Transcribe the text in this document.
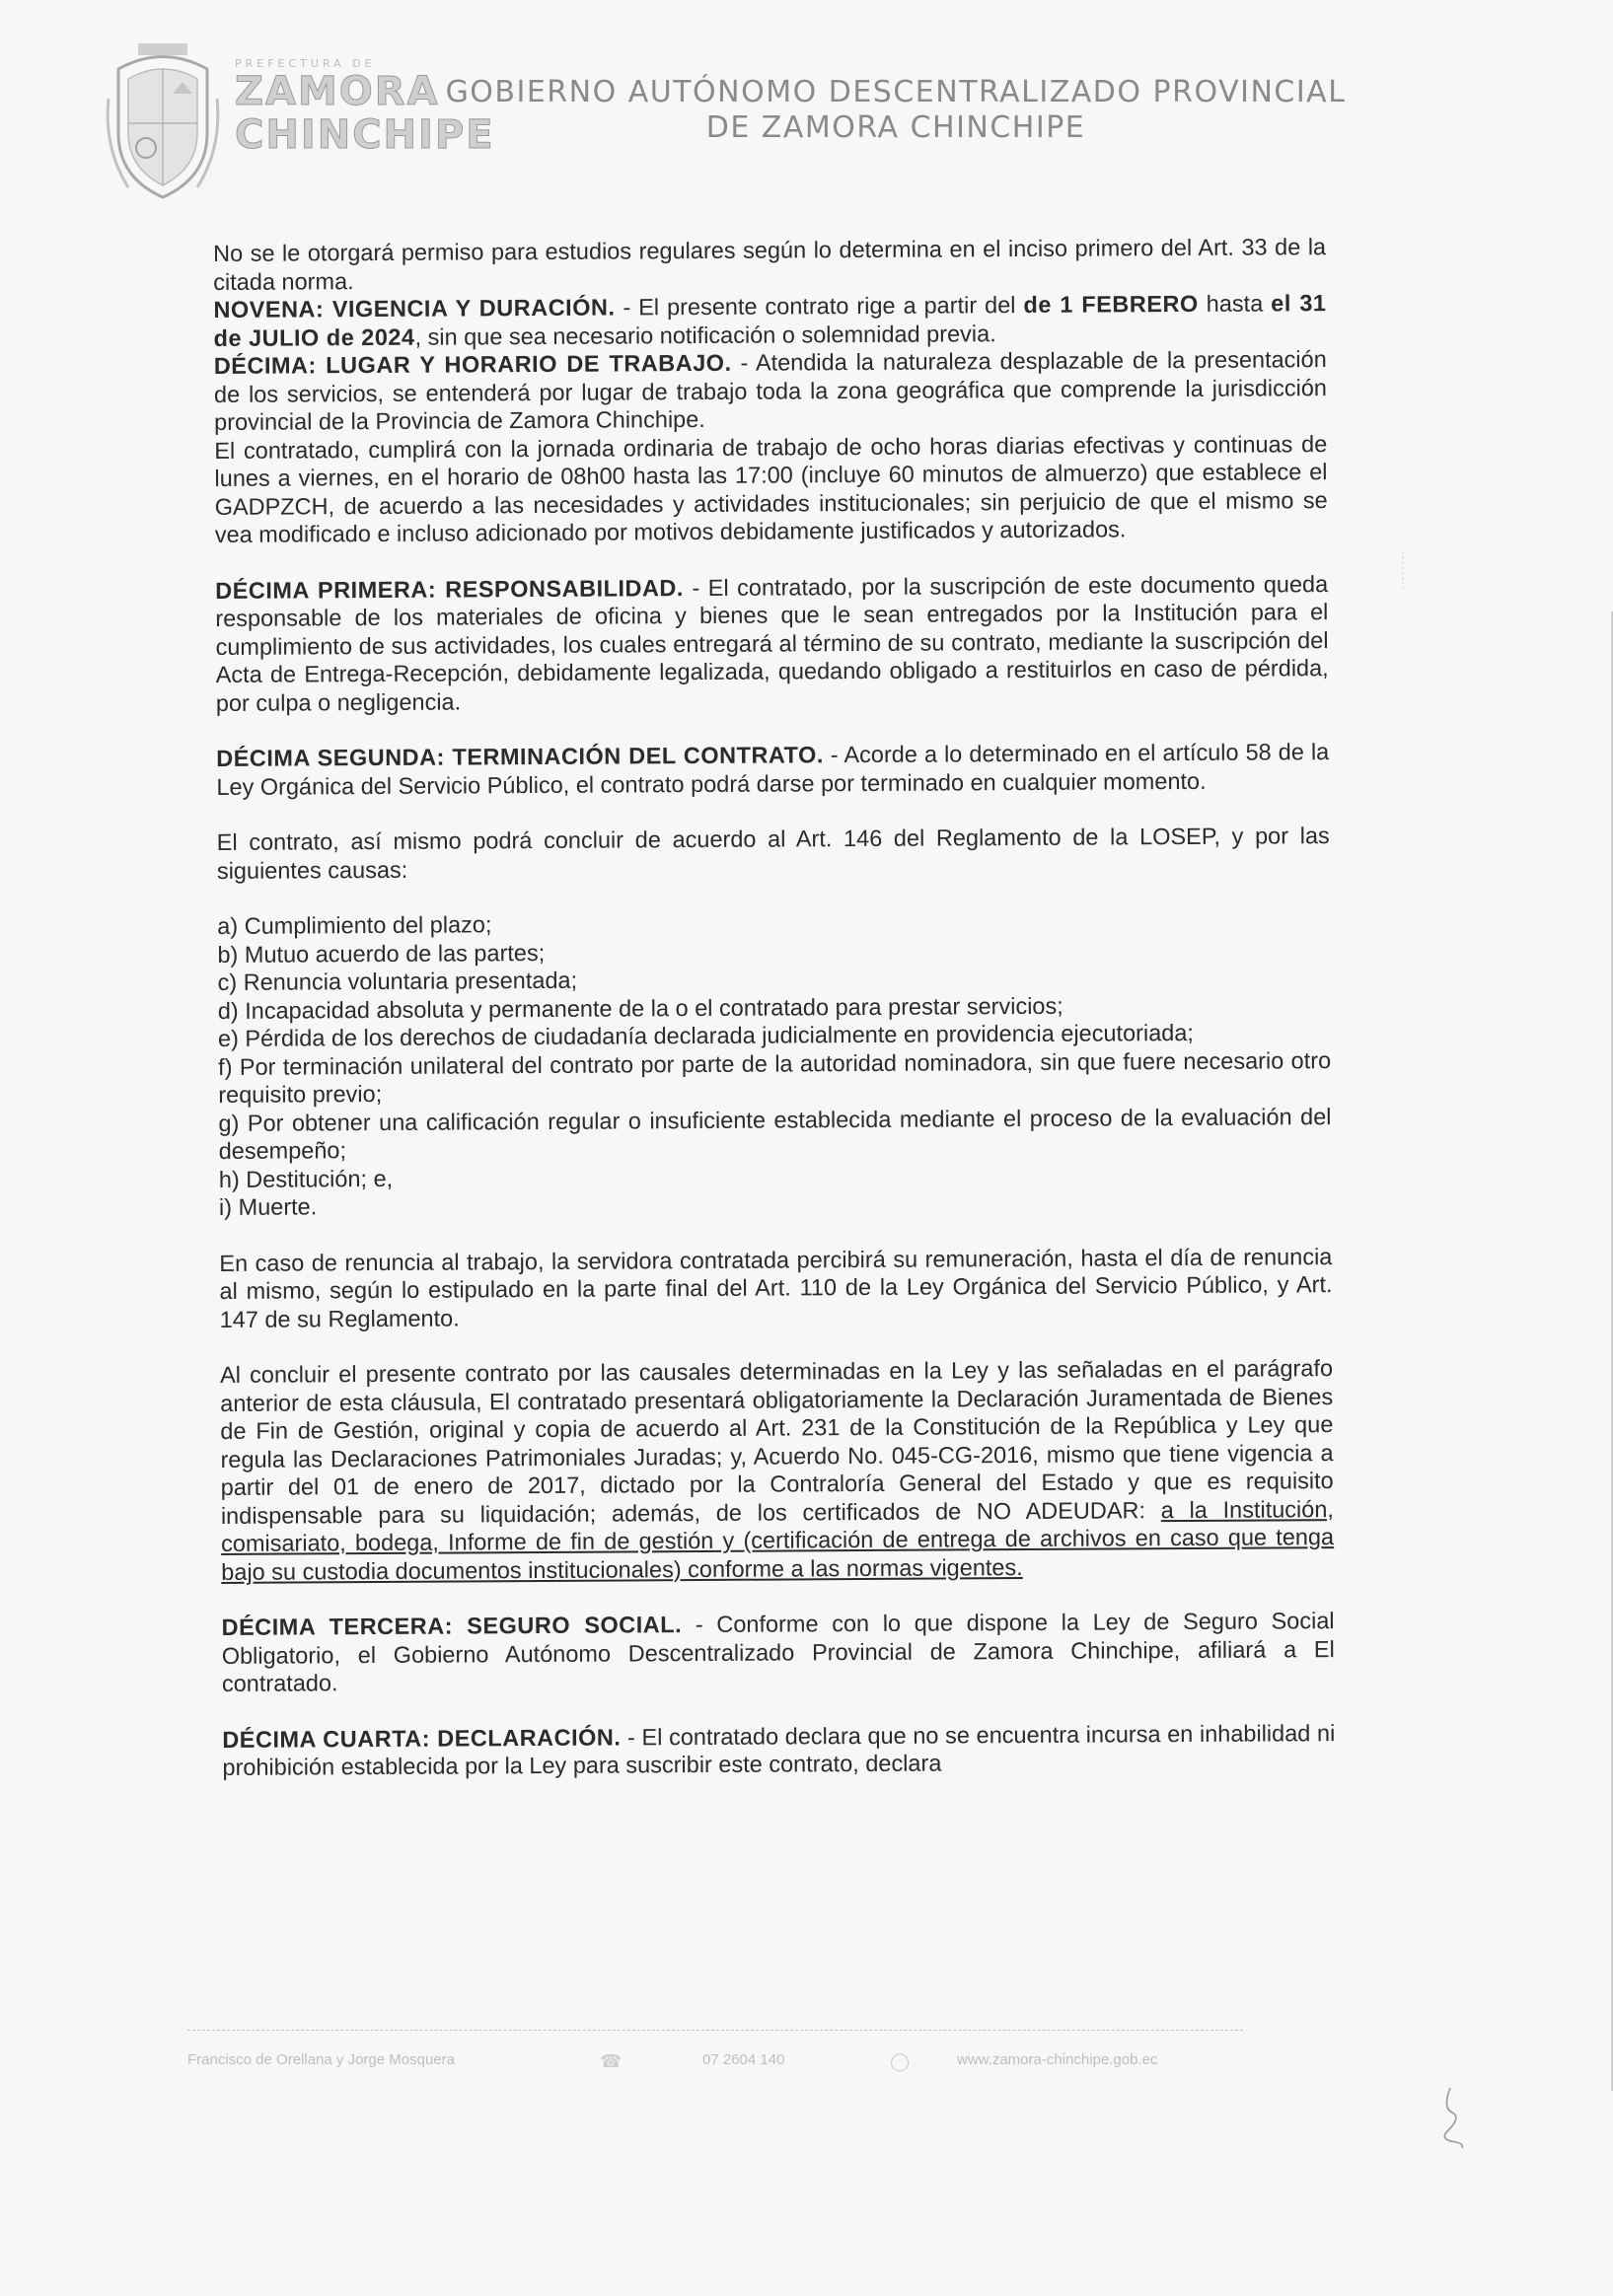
PREFECTURA DE
ZAMORA
CHINCHIPE
GOBIERNO AUTÓNOMO DESCENTRALIZADO PROVINCIAL
DE ZAMORA CHINCHIPE

No se le otorgará permiso para estudios regulares según lo determina en el inciso primero del Art. 33 de la citada norma.

NOVENA: VIGENCIA Y DURACIÓN. - El presente contrato rige a partir del de 1 FEBRERO hasta el 31 de JULIO de 2024, sin que sea necesario notificación o solemnidad previa.

DÉCIMA: LUGAR Y HORARIO DE TRABAJO. - Atendida la naturaleza desplazable de la presentación de los servicios, se entenderá por lugar de trabajo toda la zona geográfica que comprende la jurisdicción provincial de la Provincia de Zamora Chinchipe.

El contratado, cumplirá con la jornada ordinaria de trabajo de ocho horas diarias efectivas y continuas de lunes a viernes, en el horario de 08h00 hasta las 17:00 (incluye 60 minutos de almuerzo) que establece el GADPZCH, de acuerdo a las necesidades y actividades institucionales; sin perjuicio de que el mismo se vea modificado e incluso adicionado por motivos debidamente justificados y autorizados.

DÉCIMA PRIMERA: RESPONSABILIDAD. - El contratado, por la suscripción de este documento queda responsable de los materiales de oficina y bienes que le sean entregados por la Institución para el cumplimiento de sus actividades, los cuales entregará al término de su contrato, mediante la suscripción del Acta de Entrega-Recepción, debidamente legalizada, quedando obligado a restituirlos en caso de pérdida, por culpa o negligencia.

DÉCIMA SEGUNDA: TERMINACIÓN DEL CONTRATO. - Acorde a lo determinado en el artículo 58 de la Ley Orgánica del Servicio Público, el contrato podrá darse por terminado en cualquier momento.

El contrato, así mismo podrá concluir de acuerdo al Art. 146 del Reglamento de la LOSEP, y por las siguientes causas:

a) Cumplimiento del plazo;

b) Mutuo acuerdo de las partes;

c) Renuncia voluntaria presentada;

d) Incapacidad absoluta y permanente de la o el contratado para prestar servicios;

e) Pérdida de los derechos de ciudadanía declarada judicialmente en providencia ejecutoriada;

f) Por terminación unilateral del contrato por parte de la autoridad nominadora, sin que fuere necesario otro requisito previo;

g) Por obtener una calificación regular o insuficiente establecida mediante el proceso de la evaluación del desempeño;

h) Destitución; e,

i) Muerte.

En caso de renuncia al trabajo, la servidora contratada percibirá su remuneración, hasta el día de renuncia al mismo, según lo estipulado en la parte final del Art. 110 de la Ley Orgánica del Servicio Público, y Art. 147 de su Reglamento.

Al concluir el presente contrato por las causales determinadas en la Ley y las señaladas en el parágrafo anterior de esta cláusula, El contratado presentará obligatoriamente la Declaración Juramentada de Bienes de Fin de Gestión, original y copia de acuerdo al Art. 231 de la Constitución de la República y Ley que regula las Declaraciones Patrimoniales Juradas; y, Acuerdo No. 045-CG-2016, mismo que tiene vigencia a partir del 01 de enero de 2017, dictado por la Contraloría General del Estado y que es requisito indispensable para su liquidación; además, de los certificados de NO ADEUDAR: a la Institución, comisariato, bodega, Informe de fin de gestión y (certificación de entrega de archivos en caso que tenga bajo su custodia documentos institucionales) conforme a las normas vigentes.

DÉCIMA TERCERA: SEGURO SOCIAL. - Conforme con lo que dispone la Ley de Seguro Social Obligatorio, el Gobierno Autónomo Descentralizado Provincial de Zamora Chinchipe, afiliará a El contratado.

DÉCIMA CUARTA: DECLARACIÓN. - El contratado declara que no se encuentra incursa en inhabilidad ni prohibición establecida por la Ley para suscribir este contrato, declara

Francisco de Orellana y Jorge Mosquera	☎	07 2604 140	◯	www.zamora-chinchipe.gob.ec
